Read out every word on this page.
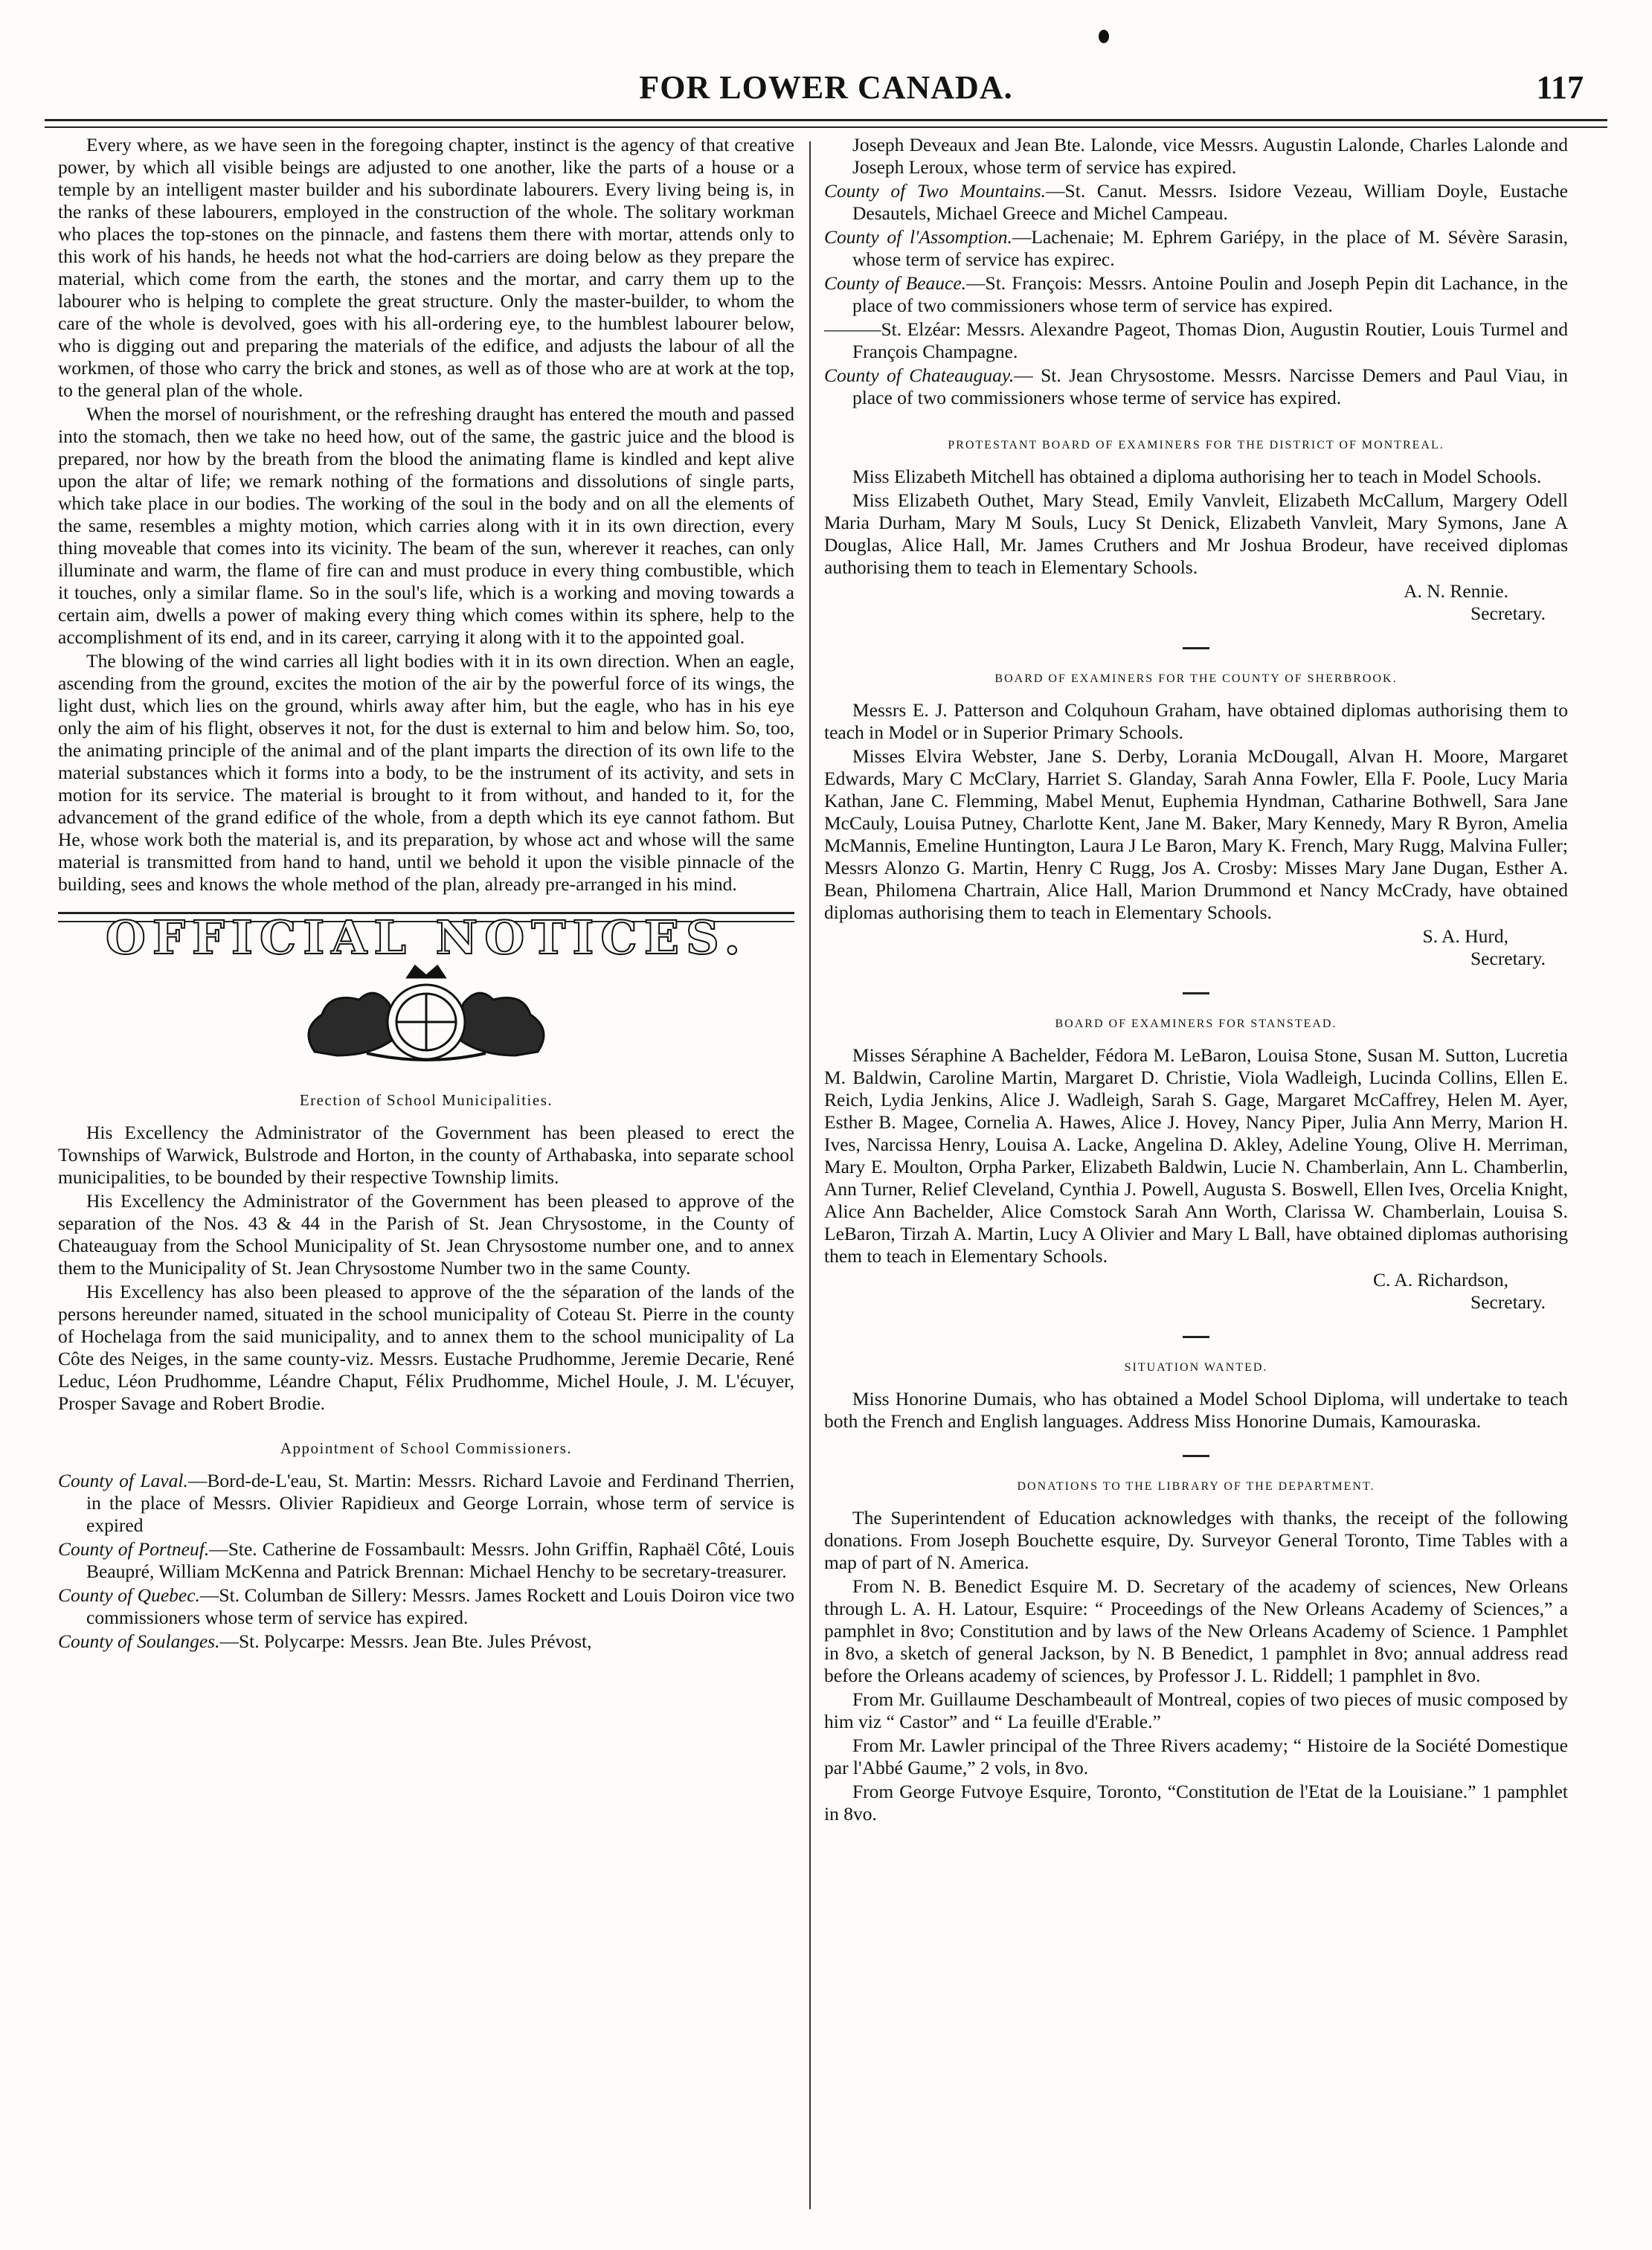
FOR LOWER CANADA.	117

Every where, as we have seen in the foregoing chapter, instinct is the agency of that creative power, by which all visible beings are adjusted to one another, like the parts of a house or a temple by an intelligent master builder and his subordinate labourers. Every living being is, in the ranks of these labourers, employed in the construction of the whole. The solitary workman who places the top-stones on the pinnacle, and fastens them there with mortar, attends only to this work of his hands, he heeds not what the hod-carriers are doing below as they prepare the material, which come from the earth, the stones and the mortar, and carry them up to the labourer who is helping to complete the great structure. Only the master-builder, to whom the care of the whole is devolved, goes with his all-ordering eye, to the humblest labourer below, who is digging out and preparing the materials of the edifice, and adjusts the labour of all the workmen, of those who carry the brick and stones, as well as of those who are at work at the top, to the general plan of the whole.

When the morsel of nourishment, or the refreshing draught has entered the mouth and passed into the stomach, then we take no heed how, out of the same, the gastric juice and the blood is prepared, nor how by the breath from the blood the animating flame is kindled and kept alive upon the altar of life; we remark nothing of the formations and dissolutions of single parts, which take place in our bodies. The working of the soul in the body and on all the elements of the same, resembles a mighty motion, which carries along with it in its own direction, every thing moveable that comes into its vicinity. The beam of the sun, wherever it reaches, can only illuminate and warm, the flame of fire can and must produce in every thing combustible, which it touches, only a similar flame. So in the soul's life, which is a working and moving towards a certain aim, dwells a power of making every thing which comes within its sphere, help to the accomplishment of its end, and in its career, carrying it along with it to the appointed goal.

The blowing of the wind carries all light bodies with it in its own direction. When an eagle, ascending from the ground, excites the motion of the air by the powerful force of its wings, the light dust, which lies on the ground, whirls away after him, but the eagle, who has in his eye only the aim of his flight, observes it not, for the dust is external to him and below him. So, too, the animating principle of the animal and of the plant imparts the direction of its own life to the material substances which it forms into a body, to be the instrument of its activity, and sets in motion for its service. The material is brought to it from without, and handed to it, for the advancement of the grand edifice of the whole, from a depth which its eye cannot fathom. But He, whose work both the material is, and its preparation, by whose act and whose will the same material is transmitted from hand to hand, until we behold it upon the visible pinnacle of the building, sees and knows the whole method of the plan, already pre-arranged in his mind.

OFFICIAL NOTICES.
Erection of School Municipalities.

His Excellency the Administrator of the Government has been pleased to erect the Townships of Warwick, Bulstrode and Horton, in the county of Arthabaska, into separate school municipalities, to be bounded by their respective Township limits.

His Excellency the Administrator of the Government has been pleased to approve of the separation of the Nos. 43 & 44 in the Parish of St. Jean Chrysostome, in the County of Chateauguay from the School Municipality of St. Jean Chrysostome number one, and to annex them to the Municipality of St. Jean Chrysostome Number two in the same County.

His Excellency has also been pleased to approve of the the séparation of the lands of the persons hereunder named, situated in the school municipality of Coteau St. Pierre in the county of Hochelaga from the said municipality, and to annex them to the school municipality of La Côte des Neiges, in the same county-viz. Messrs. Eustache Prudhomme, Jeremie Decarie, René Leduc, Léon Prudhomme, Léandre Chaput, Félix Prudhomme, Michel Houle, J. M. L'écuyer, Prosper Savage and Robert Brodie.

Appointment of School Commissioners.

County of Laval.—Bord-de-L'eau, St. Martin: Messrs. Richard Lavoie and Ferdinand Therrien, in the place of Messrs. Olivier Rapidieux and George Lorrain, whose term of service is expired

County of Portneuf.—Ste. Catherine de Fossambault: Messrs. John Griffin, Raphaël Côté, Louis Beaupré, William McKenna and Patrick Brennan: Michael Henchy to be secretary-treasurer.

County of Quebec.—St. Columban de Sillery: Messrs. James Rockett and Louis Doiron vice two commissioners whose term of service has expired.

County of Soulanges.—St. Polycarpe: Messrs. Jean Bte. Jules Prévost,

Joseph Deveaux and Jean Bte. Lalonde, vice Messrs. Augustin Lalonde, Charles Lalonde and Joseph Leroux, whose term of service has expired.

County of Two Mountains.—St. Canut. Messrs. Isidore Vezeau, William Doyle, Eustache Desautels, Michael Greece and Michel Campeau.

County of l'Assomption.—Lachenaie; M. Ephrem Gariépy, in the place of M. Sévère Sarasin, whose term of service has expirec.

County of Beauce.—St. François: Messrs. Antoine Poulin and Joseph Pepin dit Lachance, in the place of two commissioners whose term of service has expired.

———St. Elzéar: Messrs. Alexandre Pageot, Thomas Dion, Augustin Routier, Louis Turmel and François Champagne.

County of Chateauguay.— St. Jean Chrysostome. Messrs. Narcisse Demers and Paul Viau, in place of two commissioners whose terme of service has expired.

PROTESTANT BOARD OF EXAMINERS FOR THE DISTRICT OF MONTREAL.

Miss Elizabeth Mitchell has obtained a diploma authorising her to teach in Model Schools.

Miss Elizabeth Outhet, Mary Stead, Emily Vanvleit, Elizabeth McCallum, Margery Odell Maria Durham, Mary M Souls, Lucy St Denick, Elizabeth Vanvleit, Mary Symons, Jane A Douglas, Alice Hall, Mr. James Cruthers and Mr Joshua Brodeur, have received diplomas authorising them to teach in Elementary Schools.

A. N. Rennie.

Secretary.

BOARD OF EXAMINERS FOR THE COUNTY OF SHERBROOK.

Messrs E. J. Patterson and Colquhoun Graham, have obtained diplomas authorising them to teach in Model or in Superior Primary Schools.

Misses Elvira Webster, Jane S. Derby, Lorania McDougall, Alvan H. Moore, Margaret Edwards, Mary C McClary, Harriet S. Glanday, Sarah Anna Fowler, Ella F. Poole, Lucy Maria Kathan, Jane C. Flemming, Mabel Menut, Euphemia Hyndman, Catharine Bothwell, Sara Jane McCauly, Louisa Putney, Charlotte Kent, Jane M. Baker, Mary Kennedy, Mary R Byron, Amelia McMannis, Emeline Huntington, Laura J Le Baron, Mary K. French, Mary Rugg, Malvina Fuller; Messrs Alonzo G. Martin, Henry C Rugg, Jos A. Crosby: Misses Mary Jane Dugan, Esther A. Bean, Philomena Chartrain, Alice Hall, Marion Drummond et Nancy McCrady, have obtained diplomas authorising them to teach in Elementary Schools.

S. A. Hurd,

Secretary.

BOARD OF EXAMINERS FOR STANSTEAD.

Misses Séraphine A Bachelder, Fédora M. LeBaron, Louisa Stone, Susan M. Sutton, Lucretia M. Baldwin, Caroline Martin, Margaret D. Christie, Viola Wadleigh, Lucinda Collins, Ellen E. Reich, Lydia Jenkins, Alice J. Wadleigh, Sarah S. Gage, Margaret McCaffrey, Helen M. Ayer, Esther B. Magee, Cornelia A. Hawes, Alice J. Hovey, Nancy Piper, Julia Ann Merry, Marion H. Ives, Narcissa Henry, Louisa A. Lacke, Angelina D. Akley, Adeline Young, Olive H. Merriman, Mary E. Moulton, Orpha Parker, Elizabeth Baldwin, Lucie N. Chamberlain, Ann L. Chamberlin, Ann Turner, Relief Cleveland, Cynthia J. Powell, Augusta S. Boswell, Ellen Ives, Orcelia Knight, Alice Ann Bachelder, Alice Comstock Sarah Ann Worth, Clarissa W. Chamberlain, Louisa S. LeBaron, Tirzah A. Martin, Lucy A Olivier and Mary L Ball, have obtained diplomas authorising them to teach in Elementary Schools.

C. A. Richardson,

Secretary.

SITUATION WANTED.

Miss Honorine Dumais, who has obtained a Model School Diploma, will undertake to teach both the French and English languages. Address Miss Honorine Dumais, Kamouraska.

DONATIONS TO THE LIBRARY OF THE DEPARTMENT.

The Superintendent of Education acknowledges with thanks, the receipt of the following donations. From Joseph Bouchette esquire, Dy. Surveyor General Toronto, Time Tables with a map of part of N. America.

From N. B. Benedict Esquire M. D. Secretary of the academy of sciences, New Orleans through L. A. H. Latour, Esquire: “ Proceedings of the New Orleans Academy of Sciences,” a pamphlet in 8vo; Constitution and by laws of the New Orleans Academy of Science. 1 Pamphlet in 8vo, a sketch of general Jackson, by N. B Benedict, 1 pamphlet in 8vo; annual address read before the Orleans academy of sciences, by Professor J. L. Riddell; 1 pamphlet in 8vo.

From Mr. Guillaume Deschambeault of Montreal, copies of two pieces of music composed by him viz “ Castor” and “ La feuille d'Erable.”

From Mr. Lawler principal of the Three Rivers academy; “ Histoire de la Société Domestique par l'Abbé Gaume,” 2 vols, in 8vo.

From George Futvoye Esquire, Toronto, “Constitution de l'Etat de la Louisiane.” 1 pamphlet in 8vo.
